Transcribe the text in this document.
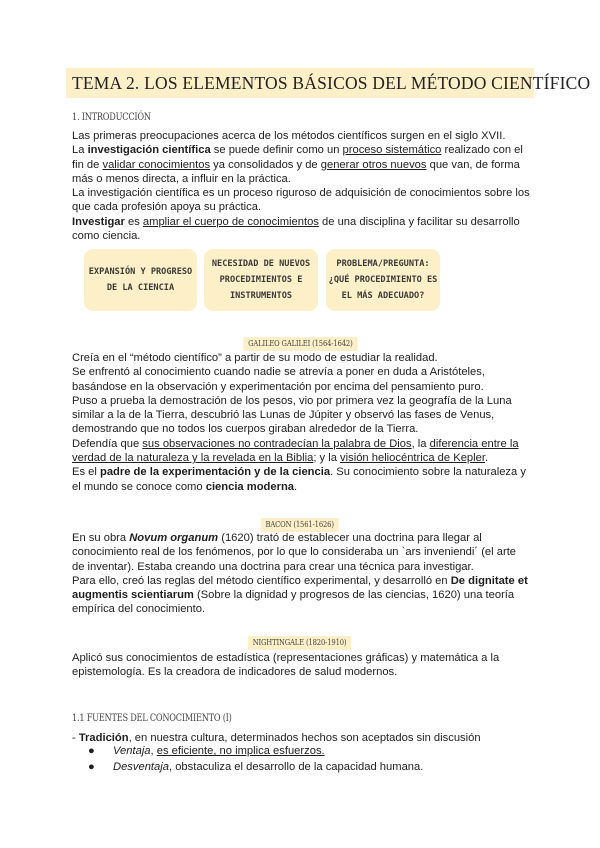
TEMA 2. LOS ELEMENTOS BÁSICOS DEL MÉTODO CIENTÍFICO
1. INTRODUCCIÓN
Las primeras preocupaciones acerca de los métodos científicos surgen en el siglo XVII.
La investigación científica se puede definir como un proceso sistemático realizado con el
fin de validar conocimientos ya consolidados y de generar otros nuevos que van, de forma
más o menos directa, a influir en la práctica.
La investigación científica es un proceso riguroso de adquisición de conocimientos sobre los
que cada profesión apoya su práctica.
Investigar es ampliar el cuerpo de conocimientos de una disciplina y facilitar su desarrollo
como ciencia.
EXPANSIÓN Y PROGRESO
DE LA CIENCIA
NECESIDAD DE NUEVOS
PROCEDIMIENTOS E
INSTRUMENTOS
PROBLEMA/PREGUNTA:
¿QUÉ PROCEDIMIENTO ES
EL MÁS ADECUADO?
GALILEO GALILEI (1564-1642)
Creía en el “método científico” a partir de su modo de estudiar la realidad.
Se enfrentó al conocimiento cuando nadie se atrevía a poner en duda a Aristóteles,
basándose en la observación y experimentación por encima del pensamiento puro.
Puso a prueba la demostración de los pesos, vio por primera vez la geografía de la Luna
similar a la de la Tierra, descubrió las Lunas de Júpiter y observó las fases de Venus,
demostrando que no todos los cuerpos giraban alrededor de la Tierra.
Defendía que sus observaciones no contradecían la palabra de Dios, la diferencia entre la
verdad de la naturaleza y la revelada en la Biblia; y la visión heliocéntrica de Kepler.
Es el padre de la experimentación y de la ciencia. Su conocimiento sobre la naturaleza y
el mundo se conoce como ciencia moderna.
BACON (1561-1626)
En su obra Novum organum (1620) trató de establecer una doctrina para llegar al
conocimiento real de los fenómenos, por lo que lo consideraba un `ars inveniendi´ (el arte
de inventar). Estaba creando una doctrina para crear una técnica para investigar.
Para ello, creó las reglas del método científico experimental, y desarrolló en De dignitate et
augmentis scientiarum (Sobre la dignidad y progresos de las ciencias, 1620) una teoría
empírica del conocimiento.
NIGHTINGALE (1820-1910)
Aplicó sus conocimientos de estadística (representaciones gráficas) y matemática a la
epistemología. Es la creadora de indicadores de salud modernos.
1.1 FUENTES DEL CONOCIMIENTO (I)
- Tradición, en nuestra cultura, determinados hechos son aceptados sin discusión
● Ventaja, es eficiente, no implica esfuerzos.
● Desventaja, obstaculiza el desarrollo de la capacidad humana.
